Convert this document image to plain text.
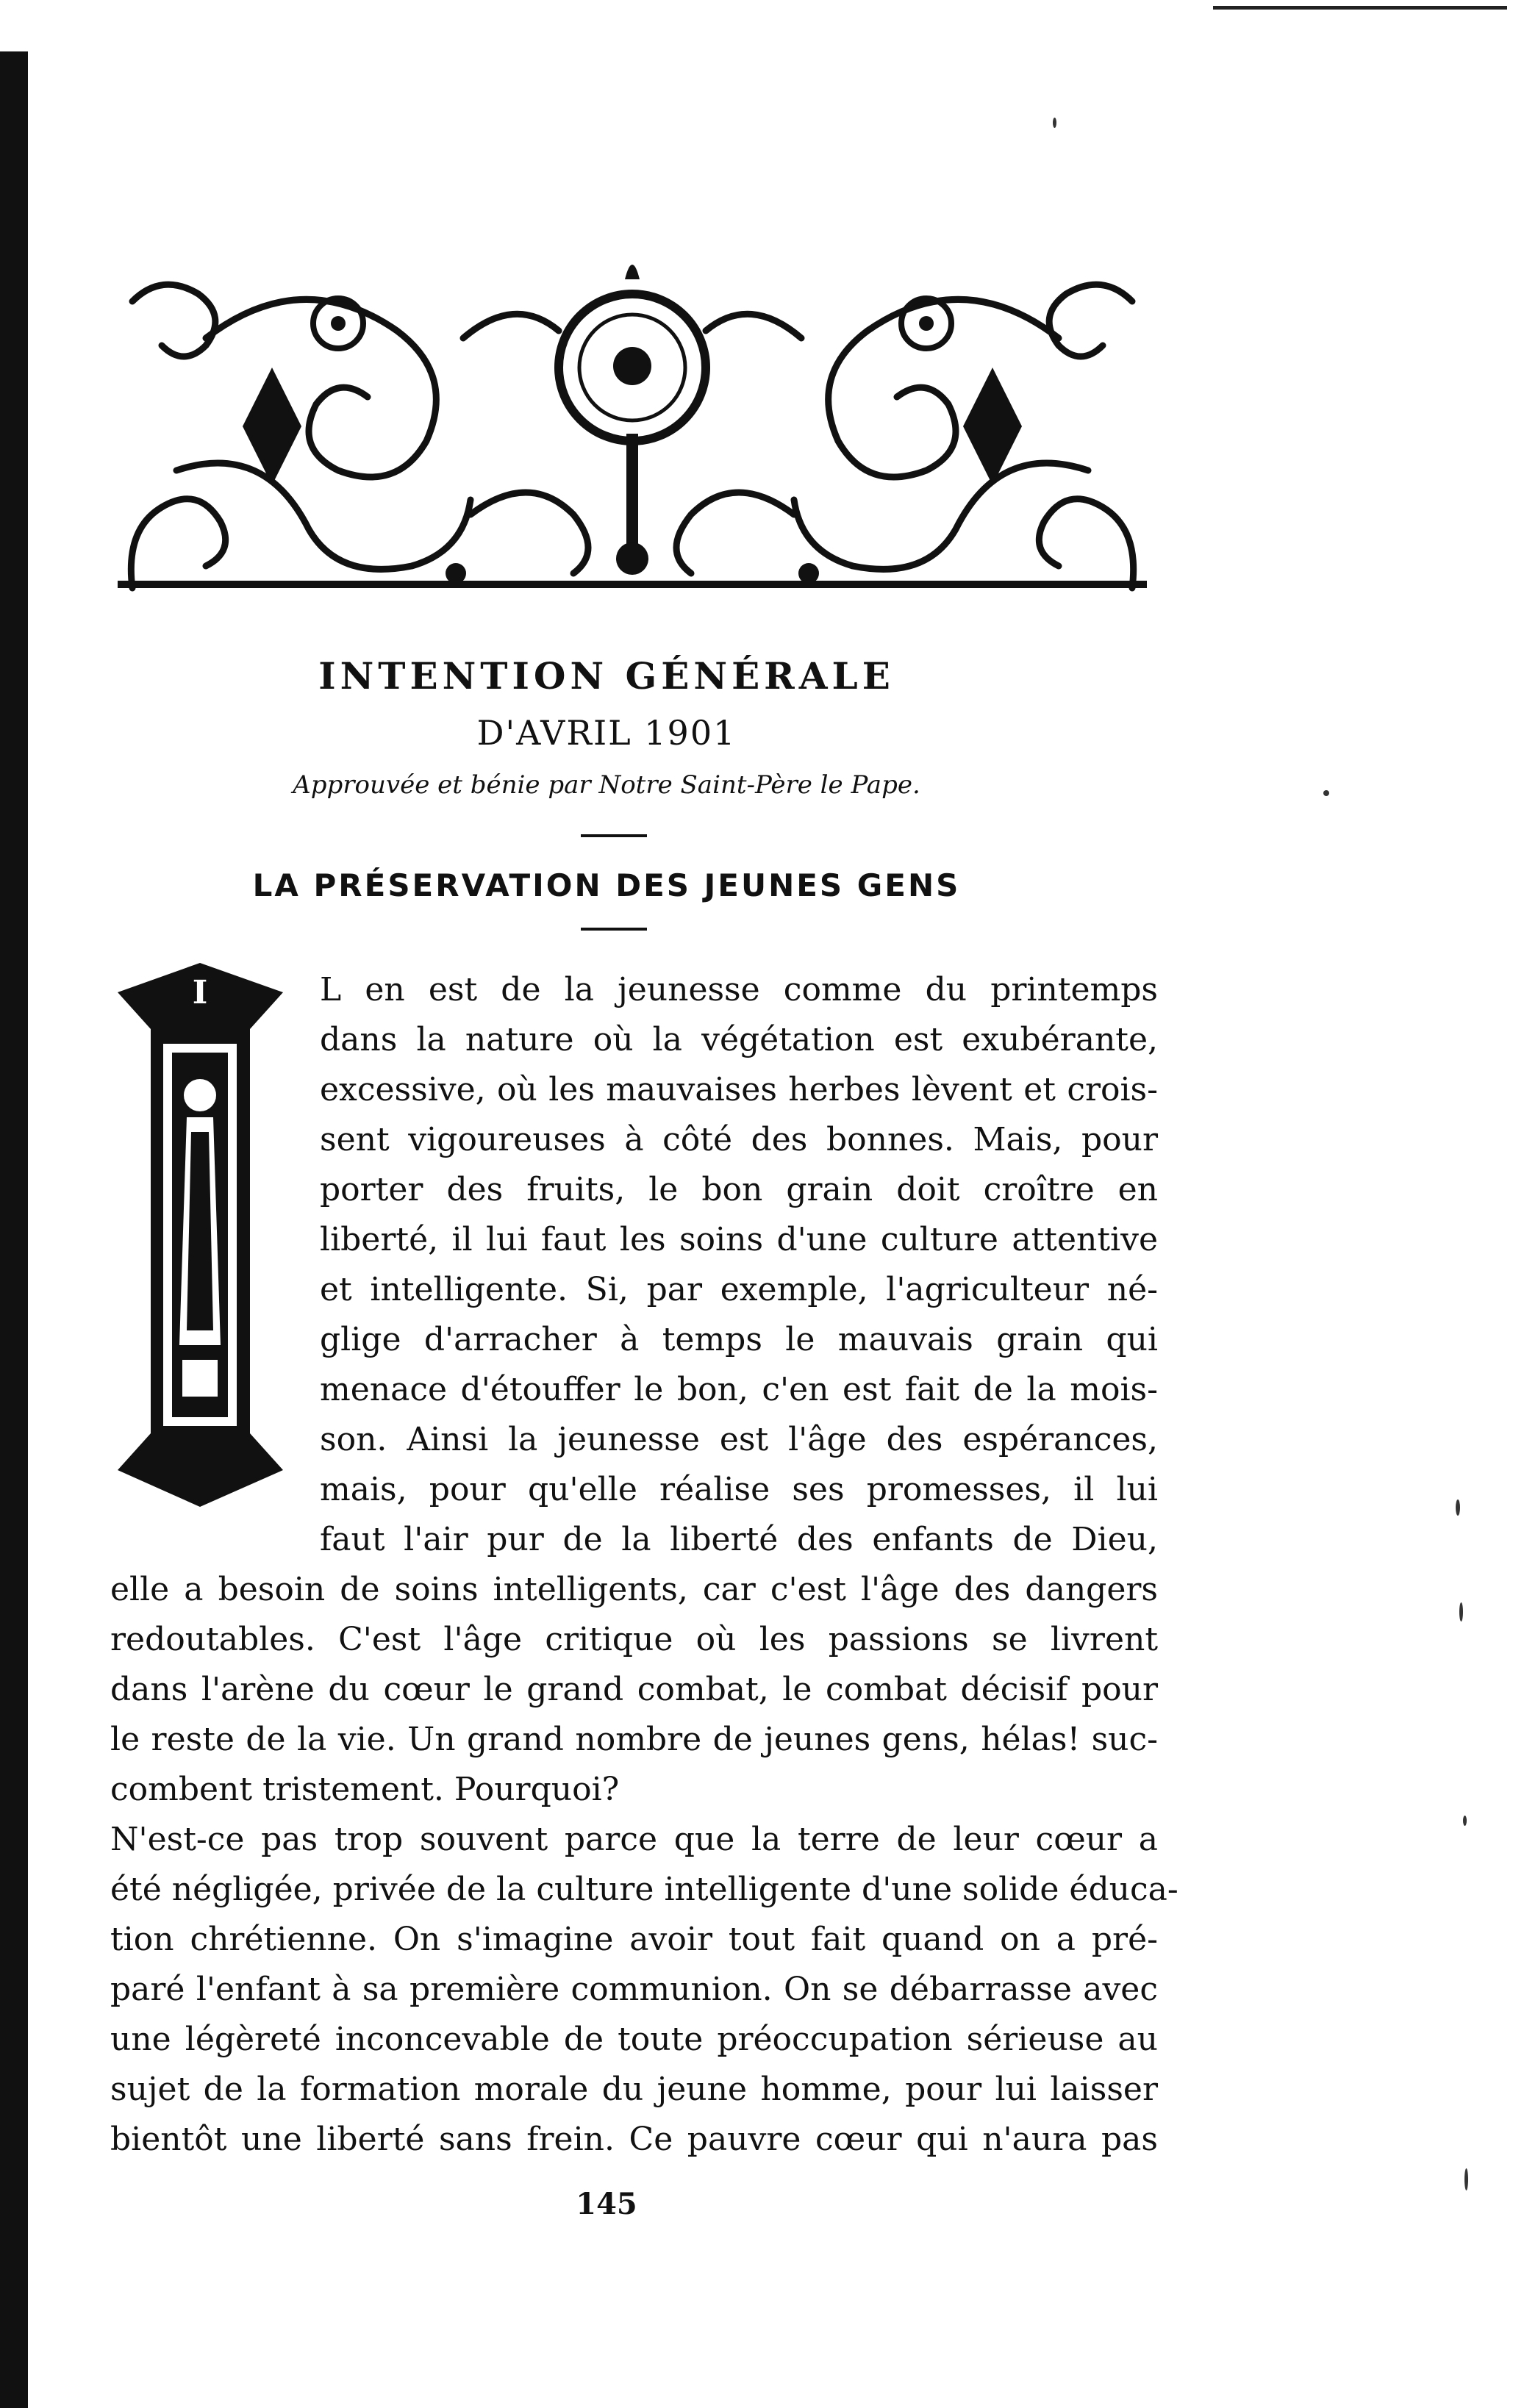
INTENTION GÉNÉRALE

D'AVRIL 1901

Approuvée et bénie par Notre Saint-Père le Pape.

LA PRÉSERVATION DES JEUNES GENS
I	L en est de la jeunesse comme du printemps

dans la nature où la végétation est exubérante,

excessive, où les mauvaises herbes lèvent et crois-

sent vigoureuses à côté des bonnes. Mais, pour

porter des fruits, le bon grain doit croître en

liberté, il lui faut les soins d'une culture attentive

et intelligente. Si, par exemple, l'agriculteur né-

glige d'arracher à temps le mauvais grain qui

menace d'étouffer le bon, c'en est fait de la mois-

son. Ainsi la jeunesse est l'âge des espérances,

mais, pour qu'elle réalise ses promesses, il lui

faut l'air pur de la liberté des enfants de Dieu,

elle a besoin de soins intelligents, car c'est l'âge des dangers

redoutables. C'est l'âge critique où les passions se livrent

dans l'arène du cœur le grand combat, le combat décisif pour

le reste de la vie. Un grand nombre de jeunes gens, hélas! suc-

combent tristement. Pourquoi?

N'est-ce pas trop souvent parce que la terre de leur cœur a

été négligée, privée de la culture intelligente d'une solide éduca-

tion chrétienne. On s'imagine avoir tout fait quand on a pré-

paré l'enfant à sa première communion. On se débarrasse avec

une légèreté inconcevable de toute préoccupation sérieuse au

sujet de la formation morale du jeune homme, pour lui laisser

bientôt une liberté sans frein. Ce pauvre cœur qui n'aura pas

145
